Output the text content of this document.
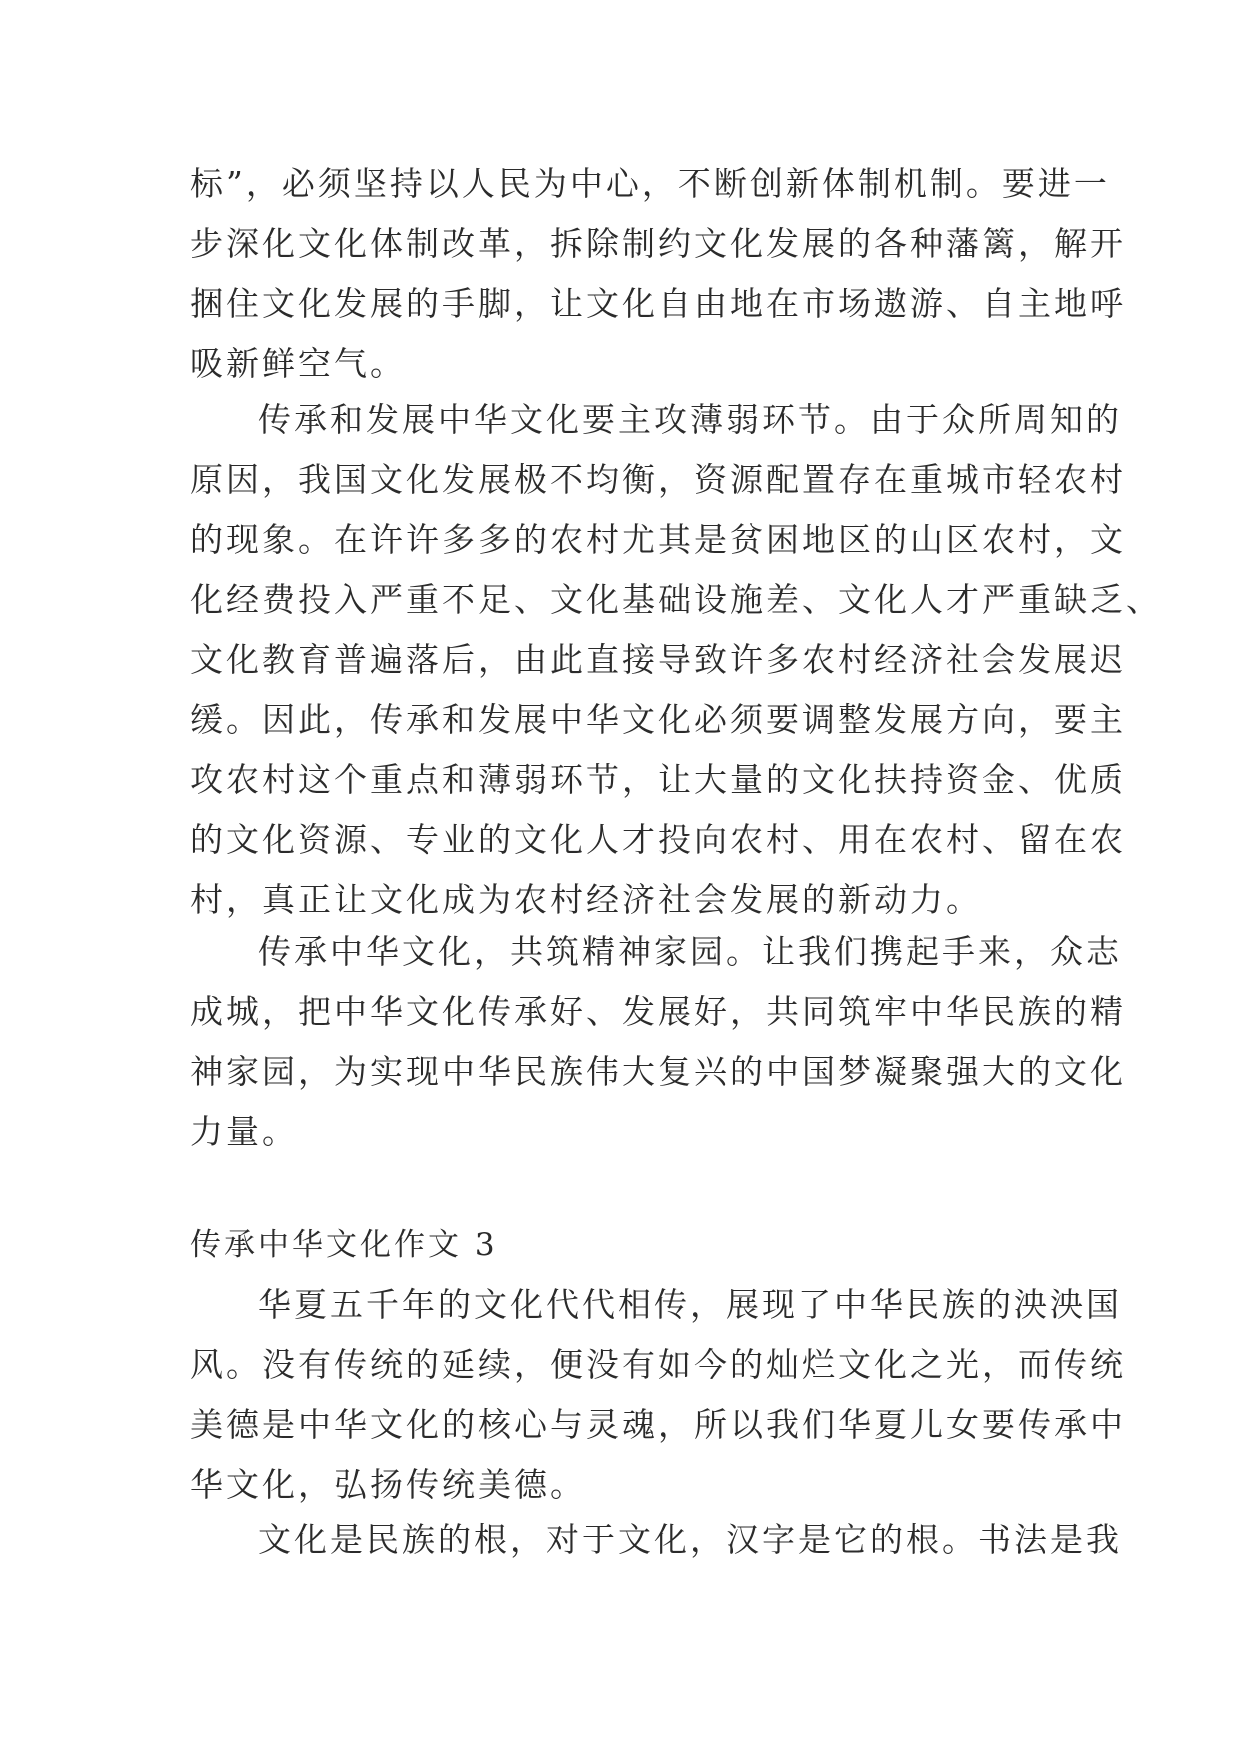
标”，必须坚持以人民为中心，不断创新体制机制。要进一
步深化文化体制改革，拆除制约文化发展的各种藩篱，解开
捆住文化发展的手脚，让文化自由地在市场遨游、自主地呼
吸新鲜空气。
传承和发展中华文化要主攻薄弱环节。由于众所周知的
原因，我国文化发展极不均衡，资源配置存在重城市轻农村
的现象。在许许多多的农村尤其是贫困地区的山区农村，文
化经费投入严重不足、文化基础设施差、文化人才严重缺乏、
文化教育普遍落后，由此直接导致许多农村经济社会发展迟
缓。因此，传承和发展中华文化必须要调整发展方向，要主
攻农村这个重点和薄弱环节，让大量的文化扶持资金、优质
的文化资源、专业的文化人才投向农村、用在农村、留在农
村，真正让文化成为农村经济社会发展的新动力。
传承中华文化，共筑精神家园。让我们携起手来，众志
成城，把中华文化传承好、发展好，共同筑牢中华民族的精
神家园，为实现中华民族伟大复兴的中国梦凝聚强大的文化
力量。
传承中华文化作文 3
华夏五千年的文化代代相传，展现了中华民族的泱泱国
风。没有传统的延续，便没有如今的灿烂文化之光，而传统
美德是中华文化的核心与灵魂，所以我们华夏儿女要传承中
华文化，弘扬传统美德。
文化是民族的根，对于文化，汉字是它的根。书法是我
